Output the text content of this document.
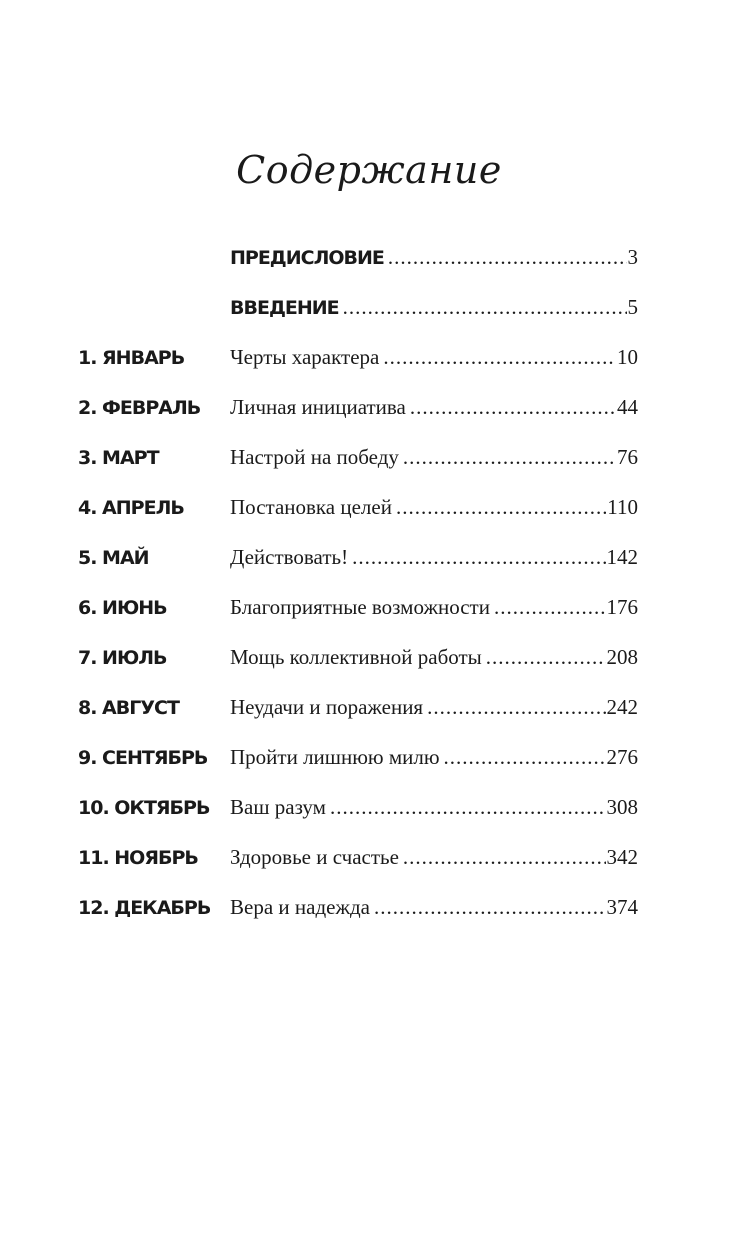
Содержание
ПРЕДИСЛОВИЕ .....	3
ВВЕДЕНИЕ .....	5
1. ЯНВАРЬ	Черты характера .....	10
2. ФЕВРАЛЬ	Личная инициатива .....	44
3. МАРТ	Настрой на победу .....	76
4. АПРЕЛЬ	Постановка целей .....	110
5. МАЙ	Действовать! .....	142
6. ИЮНЬ	Благоприятные возможности .....	176
7. ИЮЛЬ	Мощь коллективной работы .....	208
8. АВГУСТ	Неудачи и поражения .....	242
9. СЕНТЯБРЬ	Пройти лишнюю милю .....	276
10. ОКТЯБРЬ Ваш разум .....	308
11. НОЯБРЬ	Здоровье и счастье .....	342
12. ДЕКАБРЬ Вера и надежда .....	374
